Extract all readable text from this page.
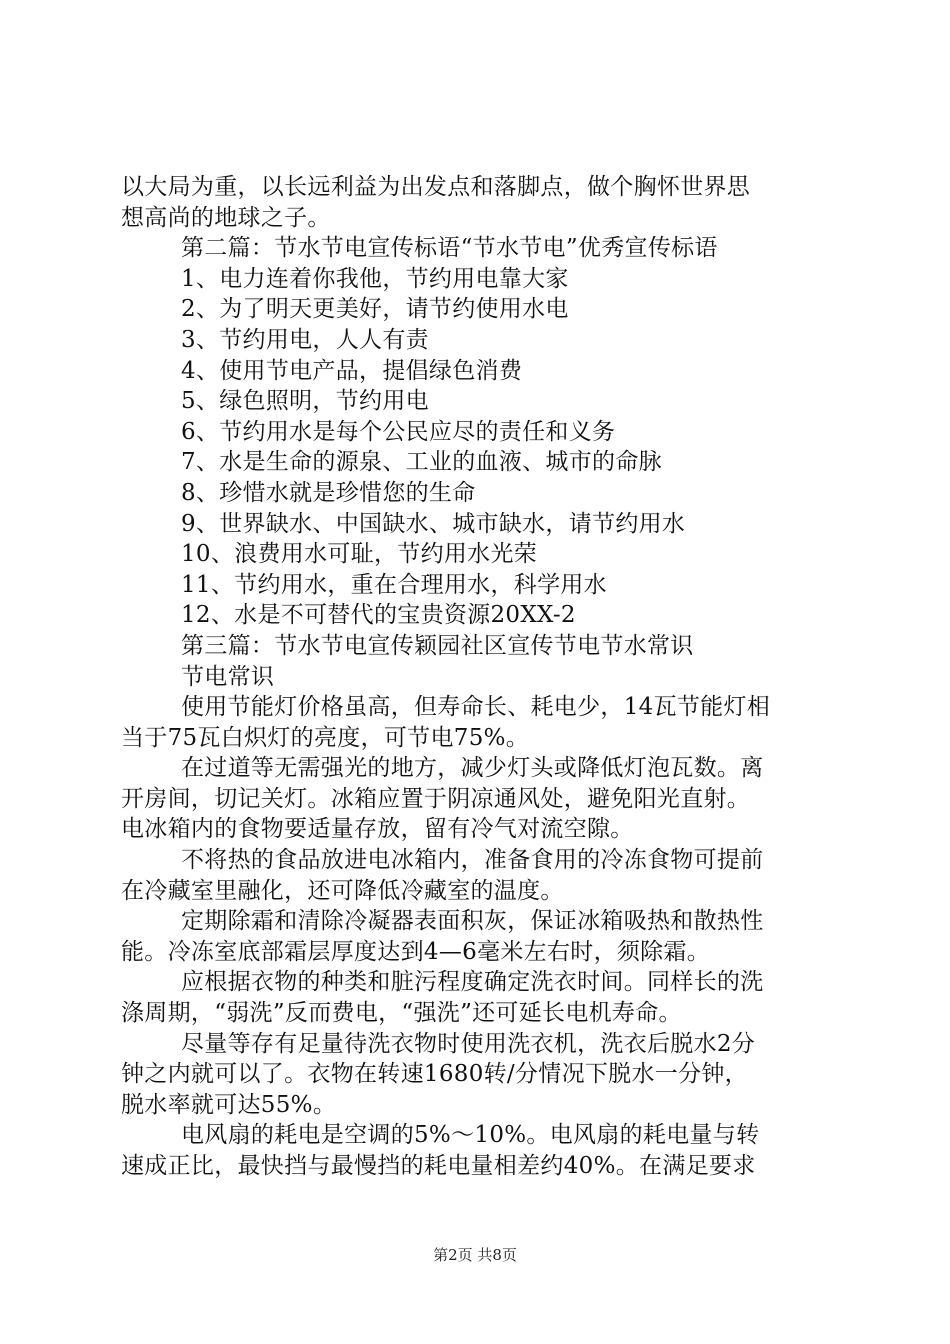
以大局为重，以长远利益为出发点和落脚点，做个胸怀世界思
想高尚的地球之子。
第二篇：节水节电宣传标语“节水节电”优秀宣传标语
1、电力连着你我他，节约用电靠大家
2、为了明天更美好，请节约使用水电
3、节约用电，人人有责
4、使用节电产品，提倡绿色消费
5、绿色照明，节约用电
6、节约用水是每个公民应尽的责任和义务
7、水是生命的源泉、工业的血液、城市的命脉
8、珍惜水就是珍惜您的生命
9、世界缺水、中国缺水、城市缺水，请节约用水
10、浪费用水可耻，节约用水光荣
11、节约用水，重在合理用水，科学用水
12、水是不可替代的宝贵资源20XX-2
第三篇：节水节电宣传颖园社区宣传节电节水常识
节电常识
使用节能灯价格虽高，但寿命长、耗电少，14瓦节能灯相
当于75瓦白炽灯的亮度，可节电75%。
在过道等无需强光的地方，减少灯头或降低灯泡瓦数。离
开房间，切记关灯。冰箱应置于阴凉通风处，避免阳光直射。
电冰箱内的食物要适量存放，留有冷气对流空隙。
不将热的食品放进电冰箱内，准备食用的冷冻食物可提前
在冷藏室里融化，还可降低冷藏室的温度。
定期除霜和清除冷凝器表面积灰，保证冰箱吸热和散热性
能。冷冻室底部霜层厚度达到4—6毫米左右时，须除霜。
应根据衣物的种类和脏污程度确定洗衣时间。同样长的洗
涤周期，“弱洗”反而费电，“强洗”还可延长电机寿命。
尽量等存有足量待洗衣物时使用洗衣机，洗衣后脱水2分
钟之内就可以了。衣物在转速1680转/分情况下脱水一分钟，
脱水率就可达55%。
电风扇的耗电是空调的5%～10%。电风扇的耗电量与转
速成正比，最快挡与最慢挡的耗电量相差约40%。在满足要求
第2页 共8页
